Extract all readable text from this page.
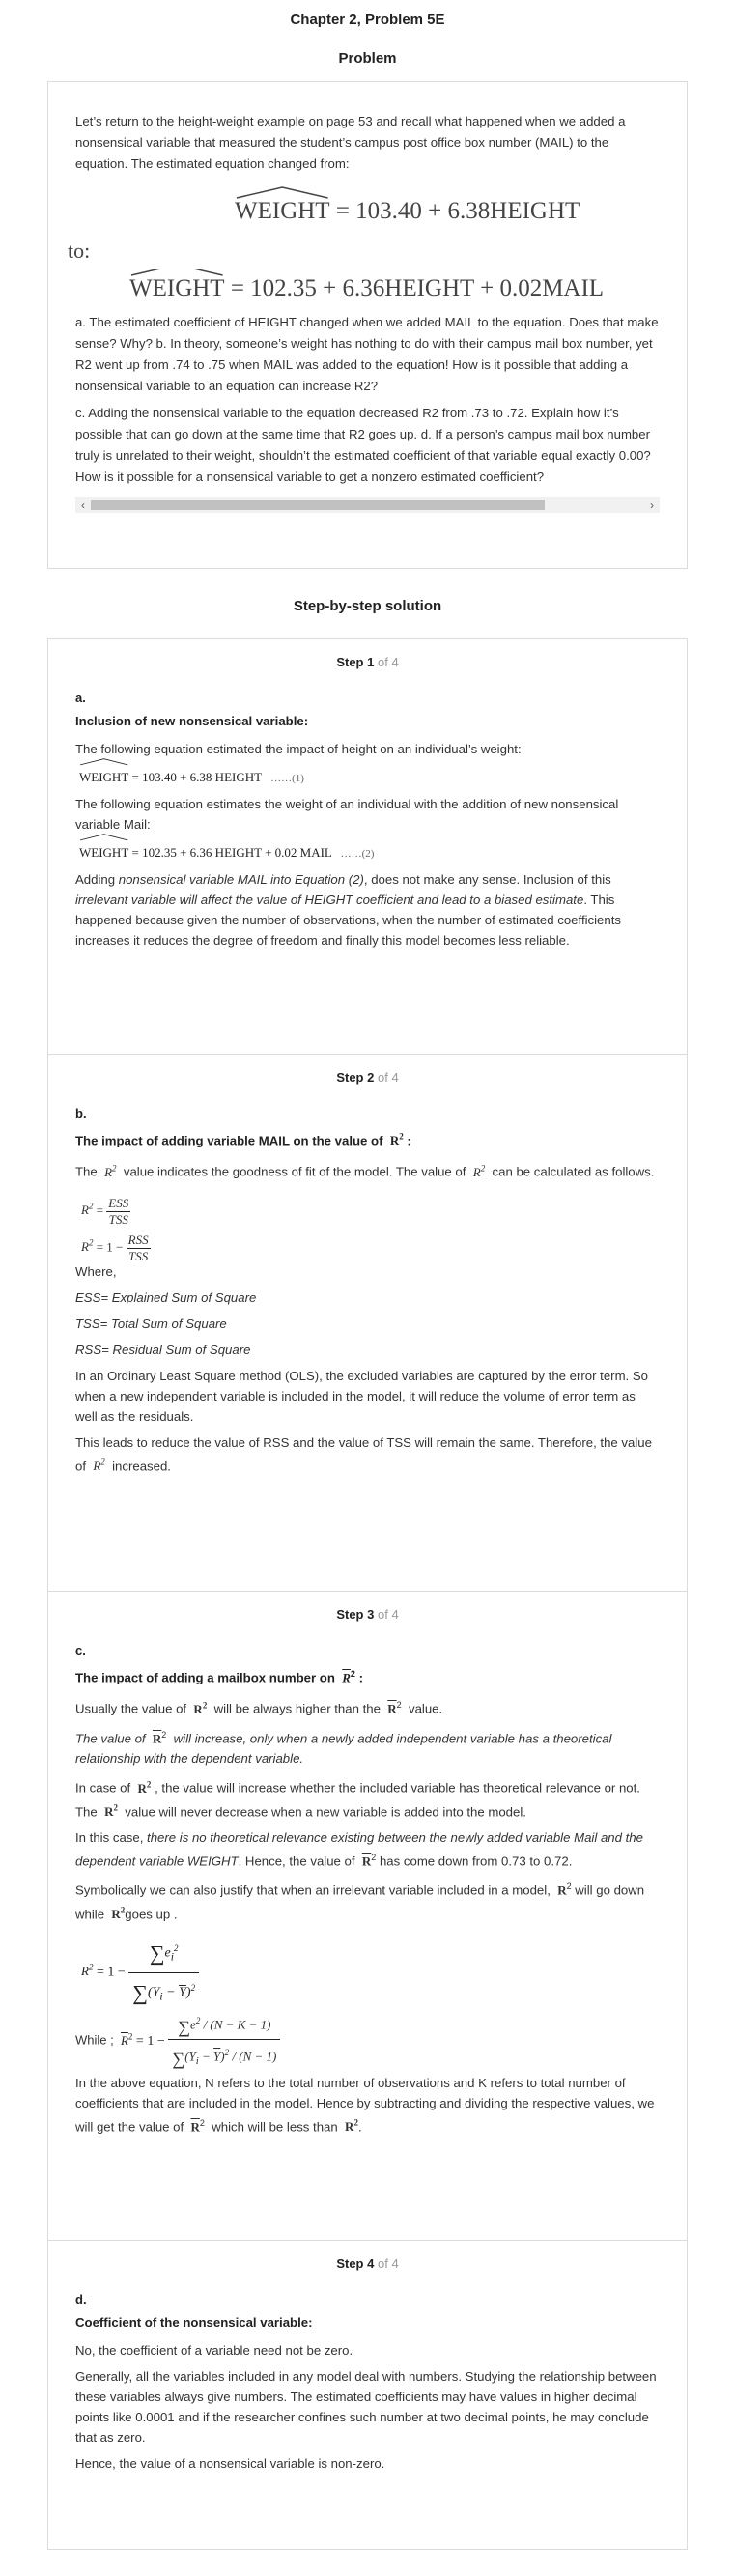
Chapter 2, Problem 5E
Problem

Let’s return to the height-weight example on page 53 and recall what happened when we added a nonsensical variable that measured the student’s campus post office box number (MAIL) to the equation. The estimated equation changed from:

WEIGHT = 103.40 + 6.38HEIGHT
to:
WEIGHT = 102.35 + 6.36HEIGHT + 0.02MAIL

a. The estimated coefficient of HEIGHT changed when we added MAIL to the equation. Does that make sense? Why? b. In theory, someone’s weight has nothing to do with their campus mail box number, yet R2 went up from .74 to .75 when MAIL was added to the equation! How is it possible that adding a nonsensical variable to an equation can increase R2?

c. Adding the nonsensical variable to the equation decreased R2 from .73 to .72. Explain how it’s possible that can go down at the same time that R2 goes up. d. If a person’s campus mail box number truly is unrelated to their weight, shouldn’t the estimated coefficient of that variable equal exactly 0.00? How is it possible for a nonsensical variable to get a nonzero estimated coefficient?

‹	›
Step-by-step solution
Step 1 of 4
a.
Inclusion of new nonsensical variable:

The following equation estimated the impact of height on an individual’s weight:

WEIGHT = 103.40 + 6.38 HEIGHT ……(1)

The following equation estimates the weight of an individual with the addition of new nonsensical variable Mail:

WEIGHT = 102.35 + 6.36 HEIGHT + 0.02 MAIL ……(2)

Adding nonsensical variable MAIL into Equation (2), does not make any sense. Inclusion of this irrelevant variable will affect the value of HEIGHT coefficient and lead to a biased estimate. This happened because given the number of observations, when the number of estimated coefficients increases it reduces the degree of freedom and finally this model becomes less reliable.

Step 2 of 4
b.
The impact of adding variable MAIL on the value of $R^2$ :

The $R^2$ value indicates the goodness of fit of the model. The value of $R^2$ can be calculated as follows.

$R^2 = \frac{\text{ESS}}{\text{TSS}}$
$R^2 = 1 - \frac{\text{RSS}}{\text{TSS}}$

Where,

ESS= Explained Sum of Square

TSS= Total Sum of Square

RSS= Residual Sum of Square

In an Ordinary Least Square method (OLS), the excluded variables are captured by the error term. So when a new independent variable is included in the model, it will reduce the volume of error term as well as the residuals.

This leads to reduce the value of RSS and the value of TSS will remain the same. Therefore, the value of $R^2$ increased.

Step 3 of 4
c.
The impact of adding a mailbox number on $\overline{R}^2$ :

Usually the value of $R^2$ will be always higher than the $\overline{R}^2$ value.

The value of $\overline{R}^2$ will increase, only when a newly added independent variable has a theoretical relationship with the dependent variable.

In case of $R^2$ , the value will increase whether the included variable has theoretical relevance or not. The $R^2$ value will never decrease when a new variable is added into the model.

In this case, there is no theoretical relevance existing between the newly added variable Mail and the dependent variable WEIGHT. Hence, the value of $\overline{R}^2$ has come down from 0.73 to 0.72.

Symbolically we can also justify that when an irrelevant variable included in a model, $\overline{R}^2$ will go down while $R^2goes$ up .

$R^2 = 1 - \frac{\sum e_i^2}{\sum(Y_i - \overline{Y})^2}$
While ; $\overline{R}^2 = 1 - \frac{\sum e^2 / (N - K - 1)}{\sum(Y_i - \overline{Y})^2 / (N - 1)}$

In the above equation, N refers to the total number of observations and K refers to total number of coefficients that are included in the model. Hence by subtracting and dividing the respective values, we will get the value of $\overline{R}^2$ which will be less than $R^2$.

Step 4 of 4
d.
Coefficient of the nonsensical variable:

No, the coefficient of a variable need not be zero.

Generally, all the variables included in any model deal with numbers. Studying the relationship between these variables always give numbers. The estimated coefficients may have values in higher decimal points like 0.0001 and if the researcher confines such number at two decimal points, he may conclude that as zero.

Hence, the value of a nonsensical variable is non-zero.
